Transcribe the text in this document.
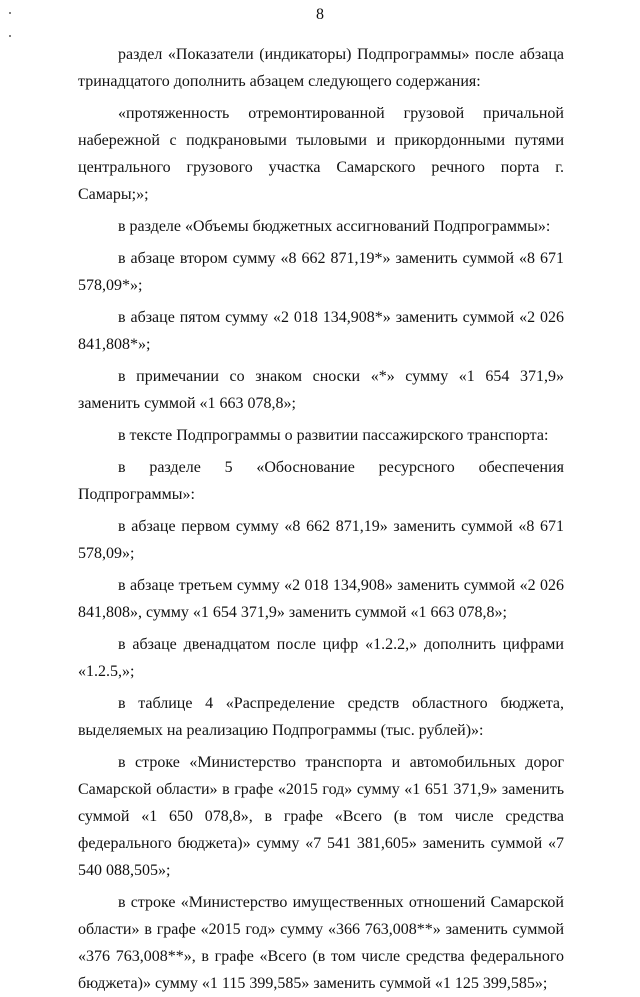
8

раздел «Показатели (индикаторы) Подпрограммы» после абзаца тринадцатого дополнить абзацем следующего содержания:

«протяженность отремонтированной грузовой причальной набережной с подкрановыми тыловыми и прикордонными путями центрального грузового участка Самарского речного порта г. Самары;»;

в разделе «Объемы бюджетных ассигнований Подпрограммы»:

в абзаце втором сумму «8 662 871,19*» заменить суммой «8 671 578,09*»;

в абзаце пятом сумму «2 018 134,908*» заменить суммой «2 026 841,808*»;

в примечании со знаком сноски «*» сумму «1 654 371,9» заменить суммой «1 663 078,8»;

в тексте Подпрограммы о развитии пассажирского транспорта:

в разделе 5 «Обоснование ресурсного обеспечения Подпрограммы»:

в абзаце первом сумму «8 662 871,19» заменить суммой «8 671 578,09»;

в абзаце третьем сумму «2 018 134,908» заменить суммой «2 026 841,808», сумму «1 654 371,9» заменить суммой «1 663 078,8»;

в абзаце двенадцатом после цифр «1.2.2,» дополнить цифрами «1.2.5,»;

в таблице 4 «Распределение средств областного бюджета, выделяемых на реализацию Подпрограммы (тыс. рублей)»:

в строке «Министерство транспорта и автомобильных дорог Самарской области» в графе «2015 год» сумму «1 651 371,9» заменить суммой «1 650 078,8», в графе «Всего (в том числе средства федерального бюджета)» сумму «7 541 381,605» заменить суммой «7 540 088,505»;

в строке «Министерство имущественных отношений Самарской области» в графе «2015 год» сумму «366 763,008**» заменить суммой «376 763,008**», в графе «Всего (в том числе средства федерального бюджета)» сумму «1 115 399,585» заменить суммой «1 125 399,585»;
